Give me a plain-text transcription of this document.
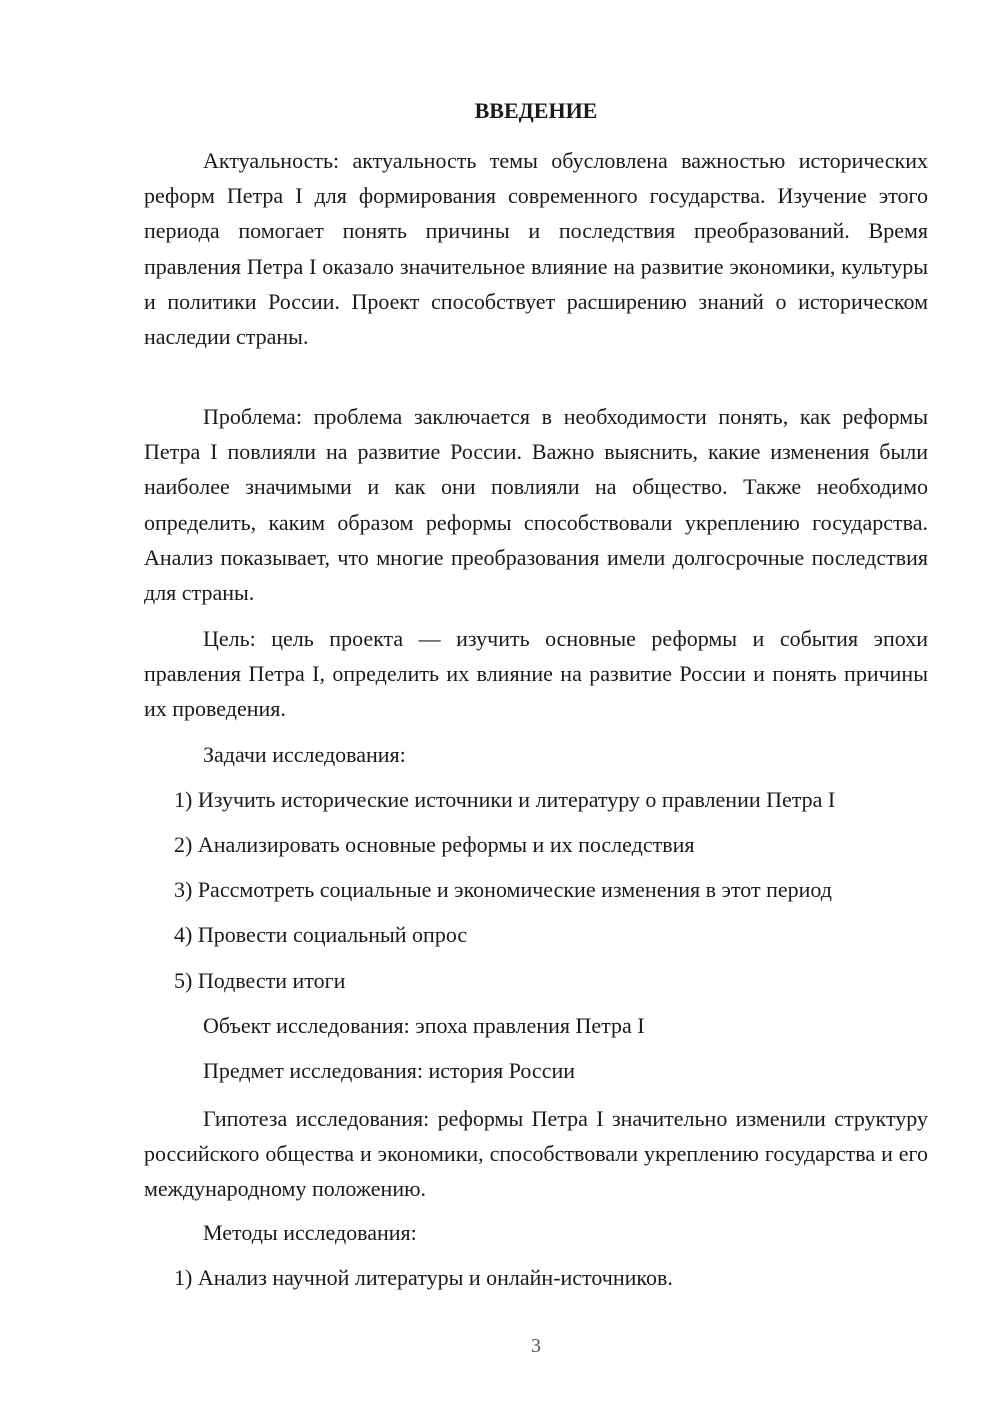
ВВЕДЕНИЕ

Актуальность: актуальность темы обусловлена важностью исторических реформ Петра I для формирования современного государства. Изучение этого периода помогает понять причины и последствия преобразований. Время правления Петра I оказало значительное влияние на развитие экономики, культуры и политики России. Проект способствует расширению знаний о историческом наследии страны.

Проблема: проблема заключается в необходимости понять, как реформы Петра I повлияли на развитие России. Важно выяснить, какие изменения были наиболее значимыми и как они повлияли на общество. Также необходимо определить, каким образом реформы способствовали укреплению государства. Анализ показывает, что многие преобразования имели долгосрочные последствия для страны.

Цель: цель проекта — изучить основные реформы и события эпохи правления Петра I, определить их влияние на развитие России и понять причины их проведения.

Задачи исследования:
1) Изучить исторические источники и литературу о правлении Петра I
2) Анализировать основные реформы и их последствия
3) Рассмотреть социальные и экономические изменения в этот период
4) Провести социальный опрос
5) Подвести итоги
Объект исследования: эпоха правления Петра I
Предмет исследования: история России

Гипотеза исследования: реформы Петра I значительно изменили структуру российского общества и экономики, способствовали укреплению государства и его международному положению.

Методы исследования:
1) Анализ научной литературы и онлайн-источников.
3
